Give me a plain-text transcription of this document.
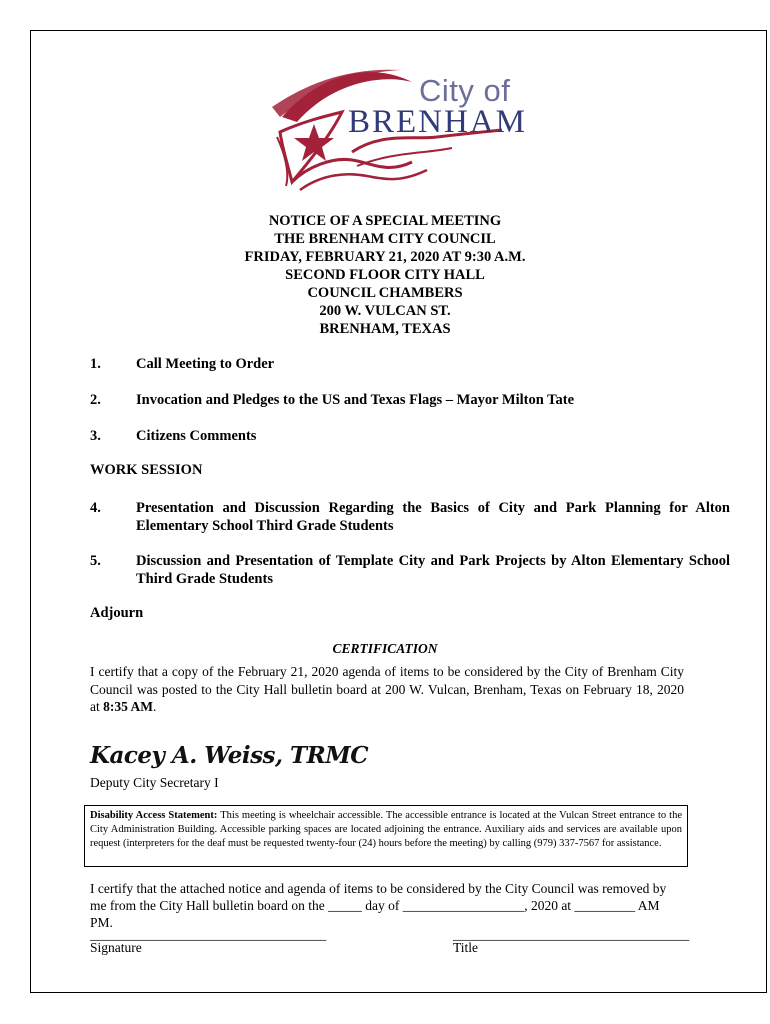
City of
BRENHAM
NOTICE OF A SPECIAL MEETING
THE BRENHAM CITY COUNCIL
FRIDAY, FEBRUARY 21, 2020 AT 9:30 A.M.
SECOND FLOOR CITY HALL
COUNCIL CHAMBERS
200 W. VULCAN ST.
BRENHAM, TEXAS
1.	Call Meeting to Order
2.	Invocation and Pledges to the US and Texas Flags – Mayor Milton Tate
3.	Citizens Comments
WORK SESSION
4.	Presentation and Discussion Regarding the Basics of City and Park Planning for Alton Elementary School Third Grade Students
5.	Discussion and Presentation of Template City and Park Projects by Alton Elementary School Third Grade Students
Adjourn
CERTIFICATION
I certify that a copy of the February 21, 2020 agenda of items to be considered by the City of Brenham City Council was posted to the City Hall bulletin board at 200 W. Vulcan, Brenham, Texas on February 18, 2020 at 8:35 AM.
Kacey A. Weiss, TRMC
Deputy City Secretary I
Disability Access Statement: This meeting is wheelchair accessible. The accessible entrance is located at the Vulcan Street entrance to the City Administration Building. Accessible parking spaces are located adjoining the entrance. Auxiliary aids and services are available upon request (interpreters for the deaf must be requested twenty-four (24) hours before the meeting) by calling (979) 337-7567 for assistance.
I certify that the attached notice and agenda of items to be considered by the City Council was removed by me from the City Hall bulletin board on the _____ day of __________________, 2020 at _________ AM PM.
___________________________________	___________________________________
Signature	Title
